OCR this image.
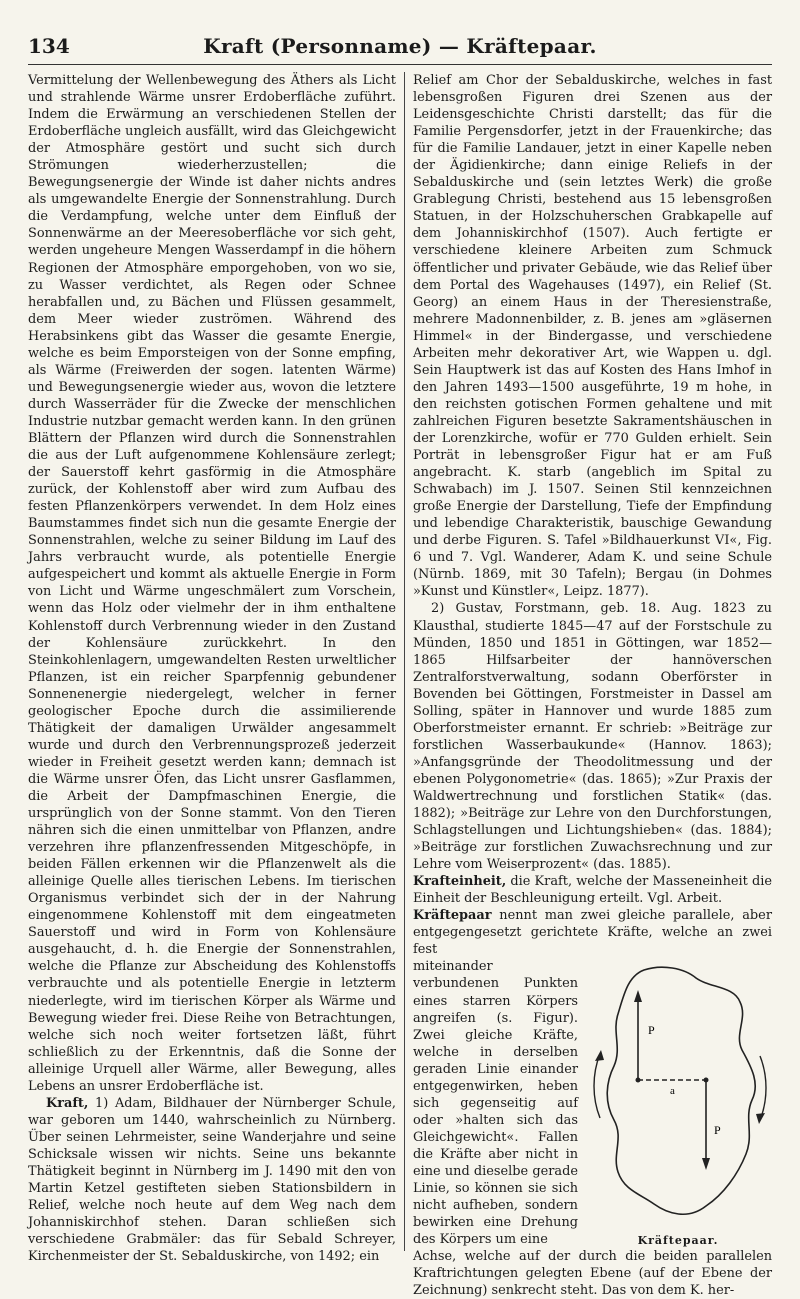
134	Kraft (Personname) — Kräftepaar.

Vermittelung der Wellenbewegung des Äthers als Licht und strahlende Wärme unsrer Erdoberfläche zuführt. Indem die Erwärmung an verschiedenen Stellen der Erdoberfläche ungleich ausfällt, wird das Gleichgewicht der Atmosphäre gestört und sucht sich durch Strömungen wiederherzustellen; die Bewegungsenergie der Winde ist daher nichts andres als umgewandelte Energie der Sonnenstrahlung. Durch die Verdampfung, welche unter dem Einfluß der Sonnenwärme an der Meeresoberfläche vor sich geht, werden ungeheure Mengen Wasserdampf in die höhern Regionen der Atmosphäre emporgehoben, von wo sie, zu Wasser verdichtet, als Regen oder Schnee herabfallen und, zu Bächen und Flüssen gesammelt, dem Meer wieder zuströmen. Während des Herabsinkens gibt das Wasser die gesamte Energie, welche es beim Emporsteigen von der Sonne empfing, als Wärme (Freiwerden der sogen. latenten Wärme) und Bewegungsenergie wieder aus, wovon die letztere durch Wasserräder für die Zwecke der menschlichen Industrie nutzbar gemacht werden kann. In den grünen Blättern der Pflanzen wird durch die Sonnenstrahlen die aus der Luft aufgenommene Kohlensäure zerlegt; der Sauerstoff kehrt gasförmig in die Atmosphäre zurück, der Kohlenstoff aber wird zum Aufbau des festen Pflanzenkörpers verwendet. In dem Holz eines Baumstammes findet sich nun die gesamte Energie der Sonnenstrahlen, welche zu seiner Bildung im Lauf des Jahrs verbraucht wurde, als potentielle Energie aufgespeichert und kommt als aktuelle Energie in Form von Licht und Wärme ungeschmälert zum Vorschein, wenn das Holz oder vielmehr der in ihm enthaltene Kohlenstoff durch Verbrennung wieder in den Zustand der Kohlensäure zurückkehrt. In den Steinkohlenlagern, umgewandelten Resten urweltlicher Pflanzen, ist ein reicher Sparpfennig gebundener Sonnenenergie niedergelegt, welcher in ferner geologischer Epoche durch die assimilierende Thätigkeit der damaligen Urwälder angesammelt wurde und durch den Verbrennungsprozeß jederzeit wieder in Freiheit gesetzt werden kann; demnach ist die Wärme unsrer Öfen, das Licht unsrer Gasflammen, die Arbeit der Dampfmaschinen Energie, die ursprünglich von der Sonne stammt. Von den Tieren nähren sich die einen unmittelbar von Pflanzen, andre verzehren ihre pflanzenfressenden Mitgeschöpfe, in beiden Fällen erkennen wir die Pflanzenwelt als die alleinige Quelle alles tierischen Lebens. Im tierischen Organismus verbindet sich der in der Nahrung eingenommene Kohlenstoff mit dem eingeatmeten Sauerstoff und wird in Form von Kohlensäure ausgehaucht, d. h. die Energie der Sonnenstrahlen, welche die Pflanze zur Abscheidung des Kohlenstoffs verbrauchte und als potentielle Energie in letzterm niederlegte, wird im tierischen Körper als Wärme und Bewegung wieder frei. Diese Reihe von Betrachtungen, welche sich noch weiter fortsetzen läßt, führt schließlich zu der Erkenntnis, daß die Sonne der alleinige Urquell aller Wärme, aller Bewegung, alles Lebens an unsrer Erdoberfläche ist.

Kraft, 1) Adam, Bildhauer der Nürnberger Schule, war geboren um 1440, wahrscheinlich zu Nürnberg. Über seinen Lehrmeister, seine Wanderjahre und seine Schicksale wissen wir nichts. Seine uns bekannte Thätigkeit beginnt in Nürnberg im J. 1490 mit den von Martin Ketzel gestifteten sieben Stationsbildern in Relief, welche noch heute auf dem Weg nach dem Johanniskirchhof stehen. Daran schließen sich verschiedene Grabmäler: das für Sebald Schreyer, Kirchenmeister der St. Sebalduskirche, von 1492; ein

Relief am Chor der Sebalduskirche, welches in fast lebensgroßen Figuren drei Szenen aus der Leidensgeschichte Christi darstellt; das für die Familie Pergensdorfer, jetzt in der Frauenkirche; das für die Familie Landauer, jetzt in einer Kapelle neben der Ägidienkirche; dann einige Reliefs in der Sebalduskirche und (sein letztes Werk) die große Grablegung Christi, bestehend aus 15 lebensgroßen Statuen, in der Holzschuherschen Grabkapelle auf dem Johanniskirchhof (1507). Auch fertigte er verschiedene kleinere Arbeiten zum Schmuck öffentlicher und privater Gebäude, wie das Relief über dem Portal des Wagehauses (1497), ein Relief (St. Georg) an einem Haus in der Theresienstraße, mehrere Madonnenbilder, z. B. jenes am »gläsernen Himmel« in der Bindergasse, und verschiedene Arbeiten mehr dekorativer Art, wie Wappen u. dgl. Sein Hauptwerk ist das auf Kosten des Hans Imhof in den Jahren 1493—1500 ausgeführte, 19 m hohe, in den reichsten gotischen Formen gehaltene und mit zahlreichen Figuren besetzte Sakramentshäuschen in der Lorenzkirche, wofür er 770 Gulden erhielt. Sein Porträt in lebensgroßer Figur hat er am Fuß angebracht. K. starb (angeblich im Spital zu Schwabach) im J. 1507. Seinen Stil kennzeichnen große Energie der Darstellung, Tiefe der Empfindung und lebendige Charakteristik, bauschige Gewandung und derbe Figuren. S. Tafel »Bildhauerkunst VI«, Fig. 6 und 7. Vgl. Wanderer, Adam K. und seine Schule (Nürnb. 1869, mit 30 Tafeln); Bergau (in Dohmes »Kunst und Künstler«, Leipz. 1877).

2) Gustav, Forstmann, geb. 18. Aug. 1823 zu Klausthal, studierte 1845—47 auf der Forstschule zu Münden, 1850 und 1851 in Göttingen, war 1852—1865 Hilfsarbeiter der hannöverschen Zentralforstverwaltung, sodann Oberförster in Bovenden bei Göttingen, Forstmeister in Dassel am Solling, später in Hannover und wurde 1885 zum Oberforstmeister ernannt. Er schrieb: »Beiträge zur forstlichen Wasserbaukunde« (Hannov. 1863); »Anfangsgründe der Theodolitmessung und der ebenen Polygonometrie« (das. 1865); »Zur Praxis der Waldwertrechnung und forstlichen Statik« (das. 1882); »Beiträge zur Lehre von den Durchforstungen, Schlagstellungen und Lichtungshieben« (das. 1884); »Beiträge zur forstlichen Zuwachsrechnung und zur Lehre vom Weiserprozent« (das. 1885).

Krafteinheit, die Kraft, welche der Masseneinheit die Einheit der Beschleunigung erteilt. Vgl. Arbeit.

Kräftepaar nennt man zwei gleiche parallele, aber entgegengesetzt gerichtete Kräfte, welche an zwei fest

P
a
P
Kräftepaar.

miteinander verbundenen Punkten eines starren Körpers angreifen (s. Figur). Zwei gleiche Kräfte, welche in derselben geraden Linie einander entgegenwirken, heben sich gegenseitig auf oder »halten sich das Gleichgewicht«. Fallen die Kräfte aber nicht in eine und dieselbe gerade Linie, so können sie sich nicht aufheben, sondern bewirken eine Drehung des Körpers um eine

Achse, welche auf der durch die beiden parallelen Kraftrichtungen gelegten Ebene (auf der Ebene der Zeichnung) senkrecht steht. Das von dem K. her-
